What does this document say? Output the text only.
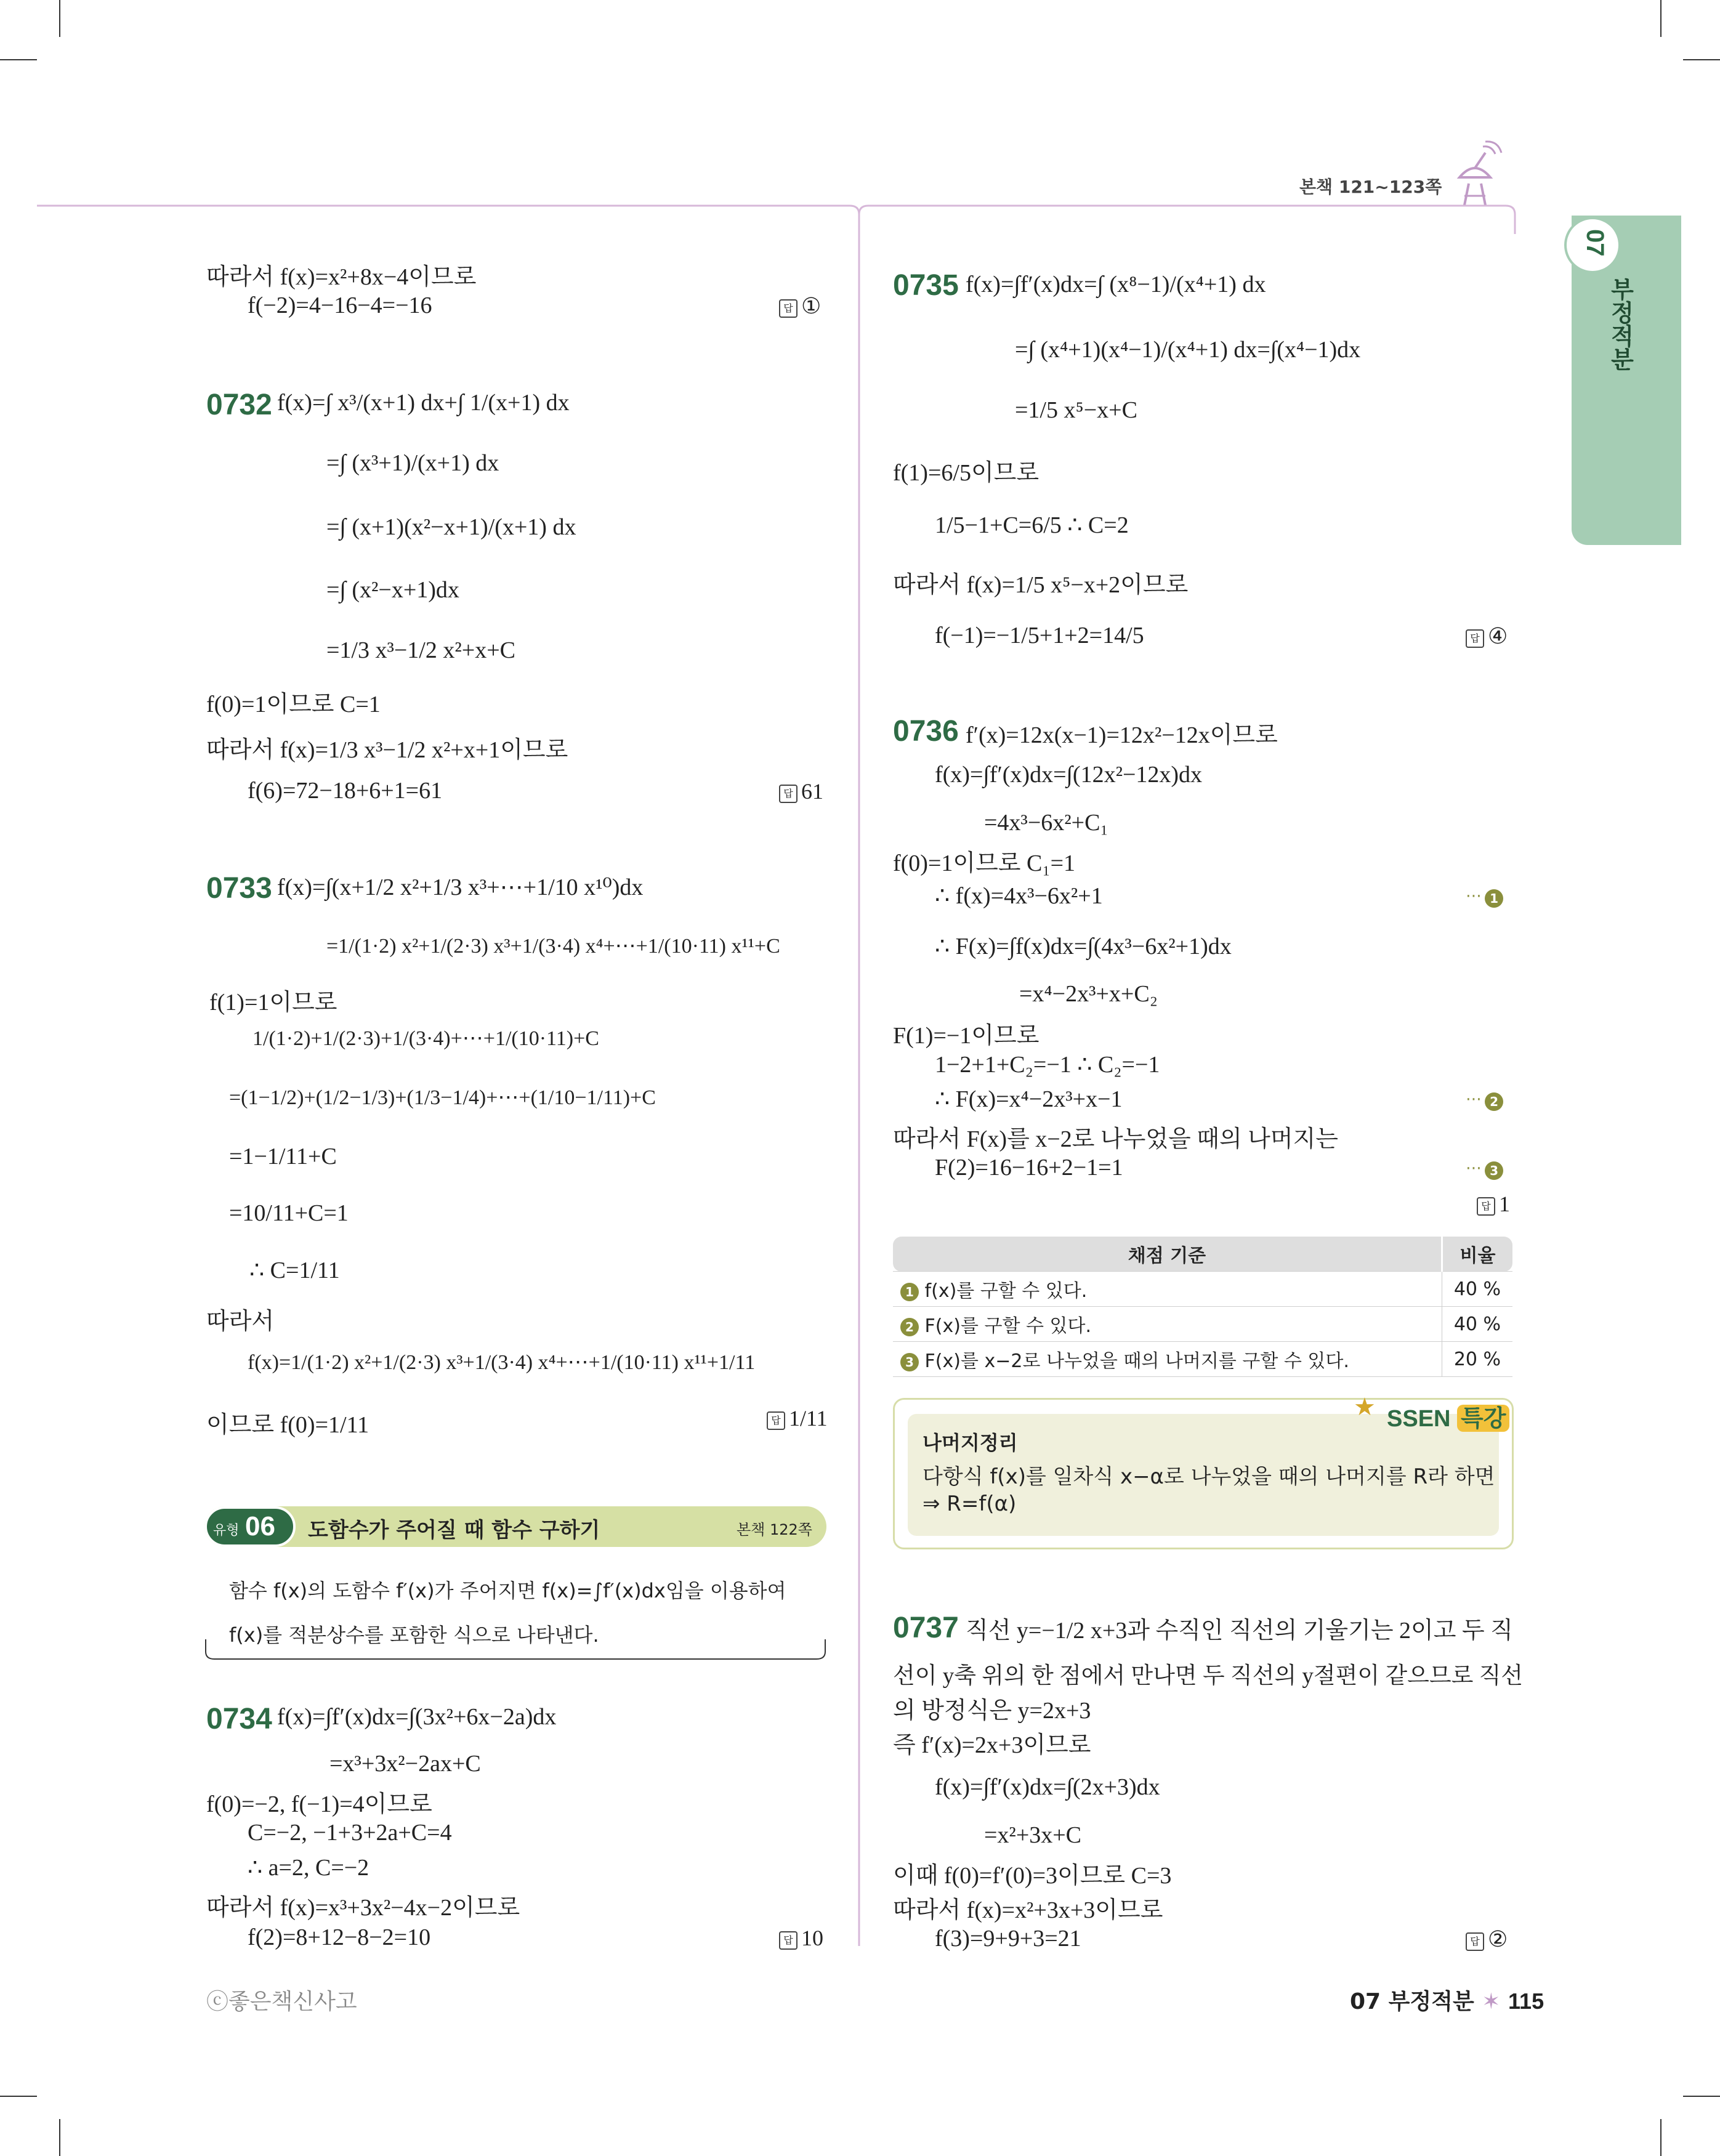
본책 121~123쪽
07
부정적분
따라서 f(x)=x²+8x−4이므로
f(−2)=4−16−4=−16	답 ①
0732 f(x)=∫ x³/(x+1) dx+∫ 1/(x+1) dx
=∫ (x³+1)/(x+1) dx
=∫ (x+1)(x²−x+1)/(x+1) dx
=∫ (x²−x+1)dx
=1/3 x³−1/2 x²+x+C
f(0)=1이므로 C=1
따라서 f(x)=1/3 x³−1/2 x²+x+1이므로
f(6)=72−18+6+1=61	답 61
0733 f(x)=∫(x+1/2 x²+1/3 x³+⋯+1/10 x¹⁰)dx
=1/(1·2) x²+1/(2·3) x³+1/(3·4) x⁴+⋯+1/(10·11) x¹¹+C
f(1)=1이므로
1/(1·2)+1/(2·3)+1/(3·4)+⋯+1/(10·11)+C
=(1−1/2)+(1/2−1/3)+(1/3−1/4)+⋯+(1/10−1/11)+C
=1−1/11+C
=10/11+C=1
∴ C=1/11
따라서
f(x)=1/(1·2) x²+1/(2·3) x³+1/(3·4) x⁴+⋯+1/(10·11) x¹¹+1/11
이므로 f(0)=1/11	답 1/11
유형 06 도함수가 주어질 때 함수 구하기	본책 122쪽
함수 f(x)의 도함수 f′(x)가 주어지면 f(x)=∫f′(x)dx임을 이용하여
f(x)를 적분상수를 포함한 식으로 나타낸다.
0734 f(x)=∫f′(x)dx=∫(3x²+6x−2a)dx
=x³+3x²−2ax+C
f(0)=−2, f(−1)=4이므로
C=−2, −1+3+2a+C=4
∴ a=2, C=−2
따라서 f(x)=x³+3x²−4x−2이므로
f(2)=8+12−8−2=10	답 10
0735 f(x)=∫f′(x)dx=∫ (x⁸−1)/(x⁴+1) dx
=∫ (x⁴+1)(x⁴−1)/(x⁴+1) dx=∫(x⁴−1)dx
=1/5 x⁵−x+C
f(1)=6/5이므로
1/5−1+C=6/5 ∴ C=2
따라서 f(x)=1/5 x⁵−x+2이므로
f(−1)=−1/5+1+2=14/5	답 ④
0736 f′(x)=12x(x−1)=12x²−12x이므로
f(x)=∫f′(x)dx=∫(12x²−12x)dx
=4x³−6x²+C₁
f(0)=1이므로 C₁=1
∴ f(x)=4x³−6x²+1	⋯ 1
∴ F(x)=∫f(x)dx=∫(4x³−6x²+1)dx
=x⁴−2x³+x+C₂
F(1)=−1이므로
1−2+1+C₂=−1 ∴ C₂=−1
∴ F(x)=x⁴−2x³+x−1	⋯ 2
따라서 F(x)를 x−2로 나누었을 때의 나머지는
F(2)=16−16+2−1=1	⋯ 3
답 1
채점 기준	비율
1 f(x)를 구할 수 있다.	40 %
2 F(x)를 구할 수 있다.	40 %
3 F(x)를 x−2로 나누었을 때의 나머지를 구할 수 있다.	20 %
★ SSEN 특강
나머지정리
다항식 f(x)를 일차식 x−α로 나누었을 때의 나머지를 R라 하면
⇒ R=f(α)
0737 직선 y=−1/2 x+3과 수직인 직선의 기울기는 2이고 두 직
선이 y축 위의 한 점에서 만나면 두 직선의 y절편이 같으므로 직선
의 방정식은 y=2x+3
즉 f′(x)=2x+3이므로
f(x)=∫f′(x)dx=∫(2x+3)dx
=x²+3x+C
이때 f(0)=f′(0)=3이므로 C=3
따라서 f(x)=x²+3x+3이므로
f(3)=9+9+3=21	답 ②
ⓒ좋은책신사고	07 부정적분 ✶ 115
